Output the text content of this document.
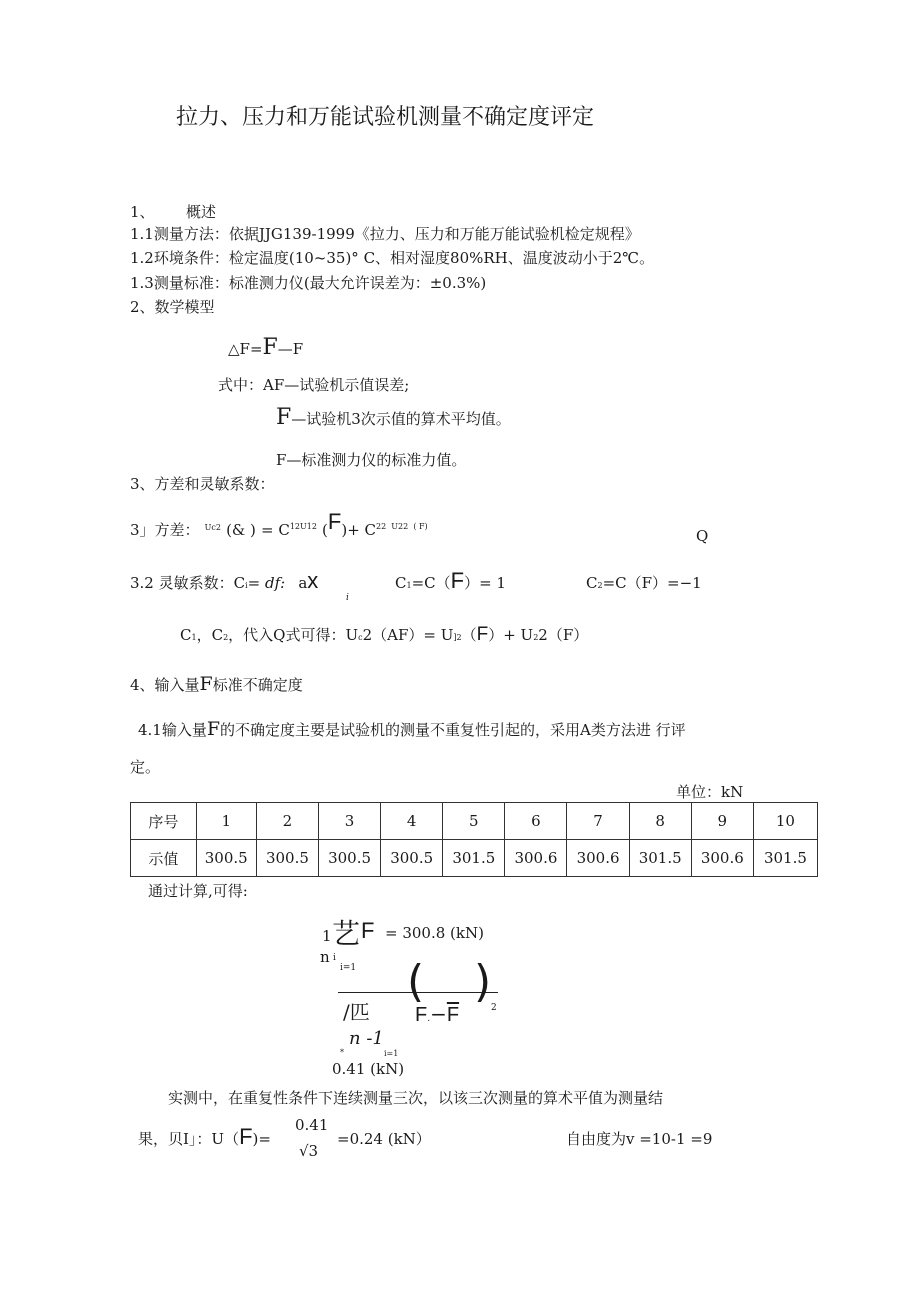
拉力、压力和万能试验机测量不确定度评定
1、 概述
1.1测量方法：依据JJG139-1999《拉力、压力和万能万能试验机检定规程》
1.2环境条件：检定温度(10~35)° C、相对湿度80%RH、温度波动小于2℃。
1.3测量标准：标准测力仪(最大允许误差为：±0.3%)
2、数学模型
△F=F—F
式中：AF—试验机示值误差;
F—试验机3次示值的算术平均值。
F—标准测力仪的标准力值。
3、方差和灵敏系数：
3」方差： $^{Uc2}$ (& ) = $C^{12U12}$ $(F)+ C^{22}$ $^{U22}$ $^{( F)}$
Q
3.2 灵敏系数：Ci= df: ax
i
C1=C（F）= 1	C2=C（F）=−1
C1，C2，代入Q式可得：Uc2（AF）= U]2（F）+ U22（F）
4、输入量F标准不确定度
4.1输入量F的不确定度主要是试验机的测量不重复性引起的，采用A类方法进 行评
定。
单位：kN
序号	1	2	3	4	5	6	7	8	9	10
示值	300.5	300.5	300.5	300.5	301.5	300.6	300.6	301.5	300.6	301.5
通过计算,可得:
1 艺 F = 300.8 (kN)
n i
i=1 ( )
2
/匹 $F.-\overline{F}$
n -1
*	i=1
0.41 (kN)
实测中，在重复性条件下连续测量三次，以该三次测量的算术平值为测量结
果，贝I」：U（F)=
0.41
√3
=0.24 (kN）	自由度为v =10-1 =9
